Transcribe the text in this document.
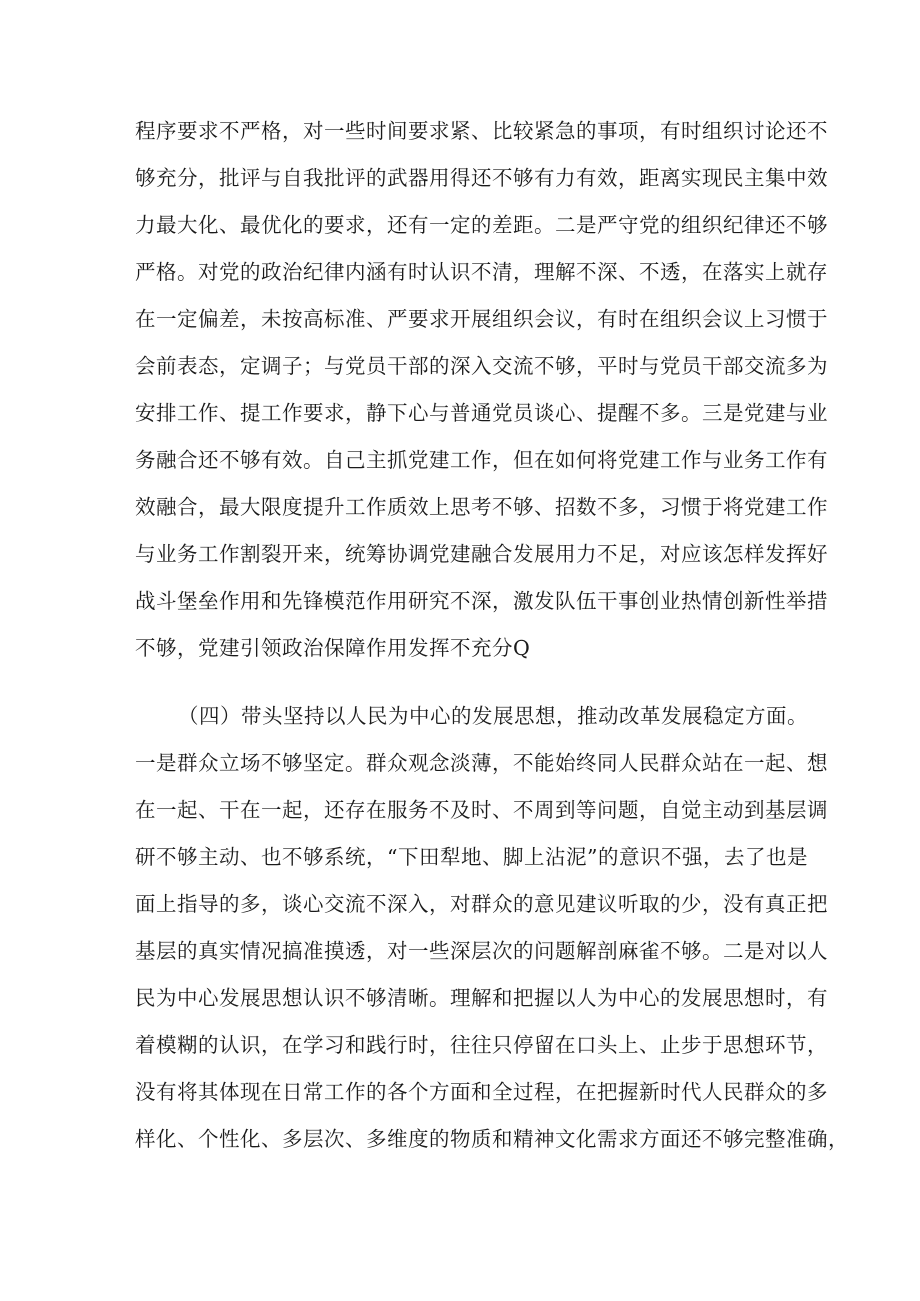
程序要求不严格，对一些时间要求紧、比较紧急的事项，有时组织讨论还不
够充分，批评与自我批评的武器用得还不够有力有效，距离实现民主集中效
力最大化、最优化的要求，还有一定的差距。二是严守党的组织纪律还不够
严格。对党的政治纪律内涵有时认识不清，理解不深、不透，在落实上就存
在一定偏差，未按高标准、严要求开展组织会议，有时在组织会议上习惯于
会前表态，定调子；与党员干部的深入交流不够，平时与党员干部交流多为
安排工作、提工作要求，静下心与普通党员谈心、提醒不多。三是党建与业
务融合还不够有效。自己主抓党建工作，但在如何将党建工作与业务工作有
效融合，最大限度提升工作质效上思考不够、招数不多，习惯于将党建工作
与业务工作割裂开来，统筹协调党建融合发展用力不足，对应该怎样发挥好
战斗堡垒作用和先锋模范作用研究不深，激发队伍干事创业热情创新性举措
不够，党建引领政治保障作用发挥不充分Q
（四）带头坚持以人民为中心的发展思想，推动改革发展稳定方面。
一是群众立场不够坚定。群众观念淡薄，不能始终同人民群众站在一起、想
在一起、干在一起，还存在服务不及时、不周到等问题，自觉主动到基层调
研不够主动、也不够系统，“下田犁地、脚上沾泥”的意识不强，去了也是
面上指导的多，谈心交流不深入，对群众的意见建议听取的少，没有真正把
基层的真实情况搞准摸透，对一些深层次的问题解剖麻雀不够。二是对以人
民为中心发展思想认识不够清晰。理解和把握以人为中心的发展思想时，有
着模糊的认识，在学习和践行时，往往只停留在口头上、止步于思想环节，
没有将其体现在日常工作的各个方面和全过程，在把握新时代人民群众的多
样化、个性化、多层次、多维度的物质和精神文化需求方面还不够完整准确，
